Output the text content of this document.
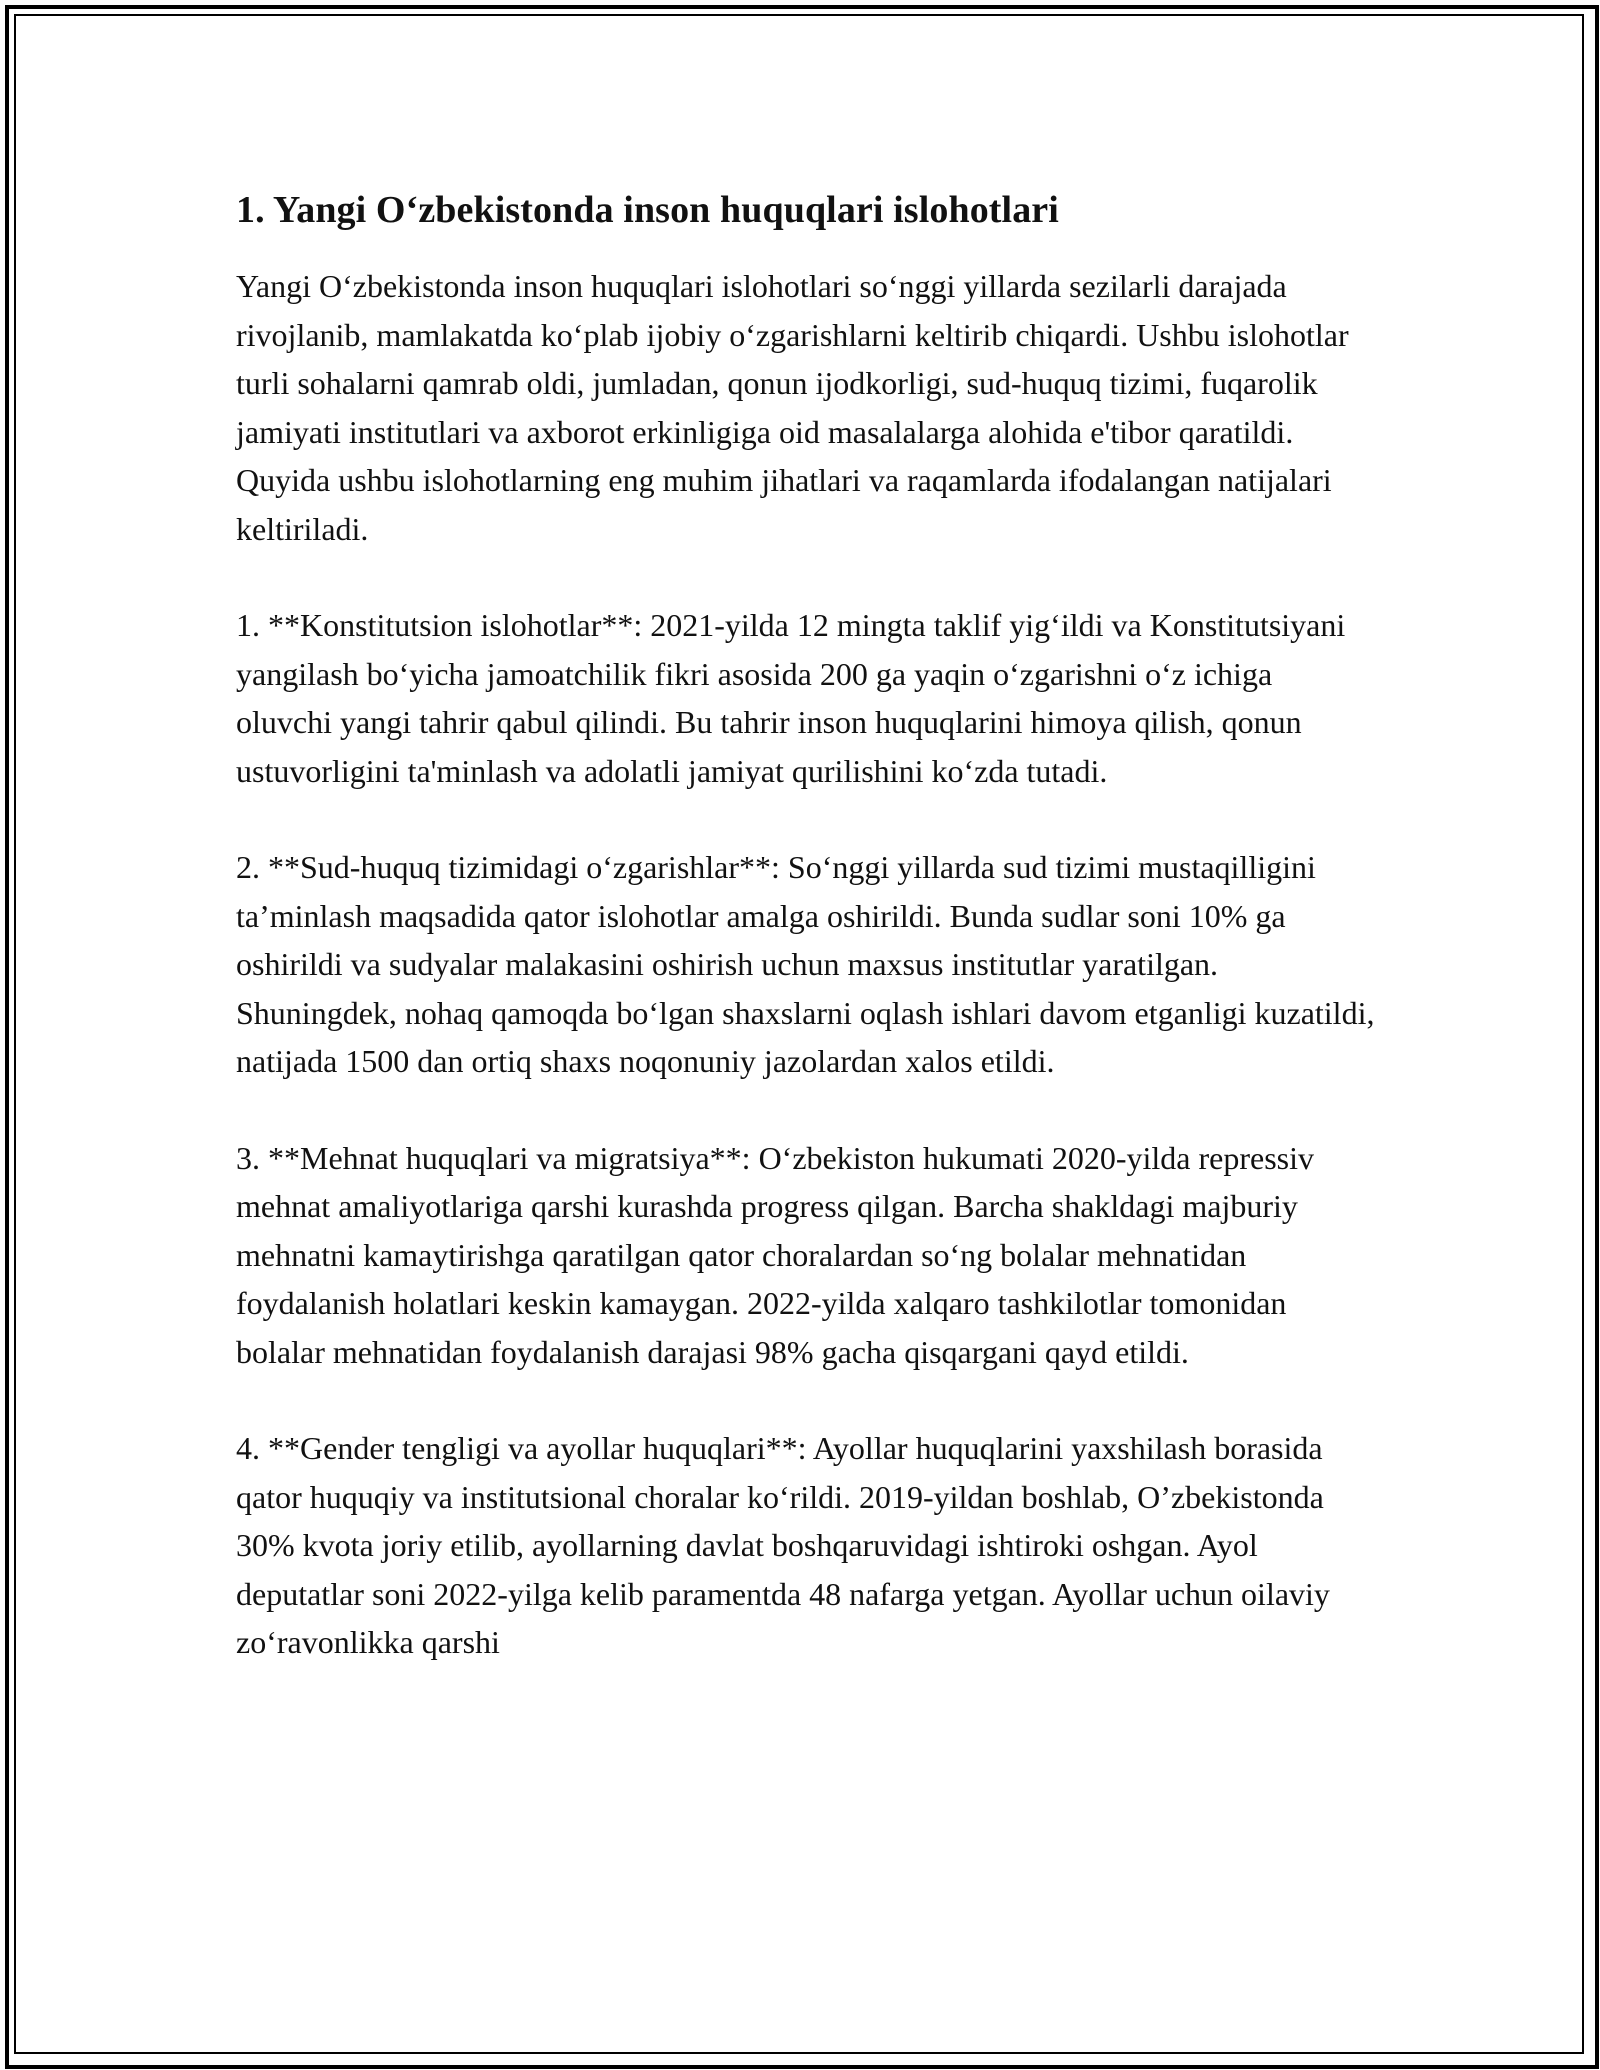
1. Yangi O‘zbekistonda inson huquqlari islohotlari

Yangi O‘zbekistonda inson huquqlari islohotlari so‘nggi yillarda sezilarli darajada rivojlanib, mamlakatda ko‘plab ijobiy o‘zgarishlarni keltirib chiqardi. Ushbu islohotlar turli sohalarni qamrab oldi, jumladan, qonun ijodkorligi, sud-huquq tizimi, fuqarolik jamiyati institutlari va axborot erkinligiga oid masalalarga alohida e'tibor qaratildi. Quyida ushbu islohotlarning eng muhim jihatlari va raqamlarda ifodalangan natijalari keltiriladi.

1. **Konstitutsion islohotlar**: 2021-yilda 12 mingta taklif yig‘ildi va Konstitutsiyani yangilash bo‘yicha jamoatchilik fikri asosida 200 ga yaqin o‘zgarishni o‘z ichiga oluvchi yangi tahrir qabul qilindi. Bu tahrir inson huquqlarini himoya qilish, qonun ustuvorligini ta'minlash va adolatli jamiyat qurilishini ko‘zda tutadi.

2. **Sud-huquq tizimidagi o‘zgarishlar**: So‘nggi yillarda sud tizimi mustaqilligini ta’minlash maqsadida qator islohotlar amalga oshirildi. Bunda sudlar soni 10% ga oshirildi va sudyalar malakasini oshirish uchun maxsus institutlar yaratilgan. Shuningdek, nohaq qamoqda bo‘lgan shaxslarni oqlash ishlari davom etganligi kuzatildi, natijada 1500 dan ortiq shaxs noqonuniy jazolardan xalos etildi.

3. **Mehnat huquqlari va migratsiya**: O‘zbekiston hukumati 2020-yilda repressiv mehnat amaliyotlariga qarshi kurashda progress qilgan. Barcha shakldagi majburiy mehnatni kamaytirishga qaratilgan qator choralardan so‘ng bolalar mehnatidan foydalanish holatlari keskin kamaygan. 2022-yilda xalqaro tashkilotlar tomonidan bolalar mehnatidan foydalanish darajasi 98% gacha qisqargani qayd etildi.

4. **Gender tengligi va ayollar huquqlari**: Ayollar huquqlarini yaxshilash borasida qator huquqiy va institutsional choralar ko‘rildi. 2019-yildan boshlab, O’zbekistonda 30% kvota joriy etilib, ayollarning davlat boshqaruvidagi ishtiroki oshgan. Ayol deputatlar soni 2022-yilga kelib paramentda 48 nafarga yetgan. Ayollar uchun oilaviy zo‘ravonlikka qarshi
